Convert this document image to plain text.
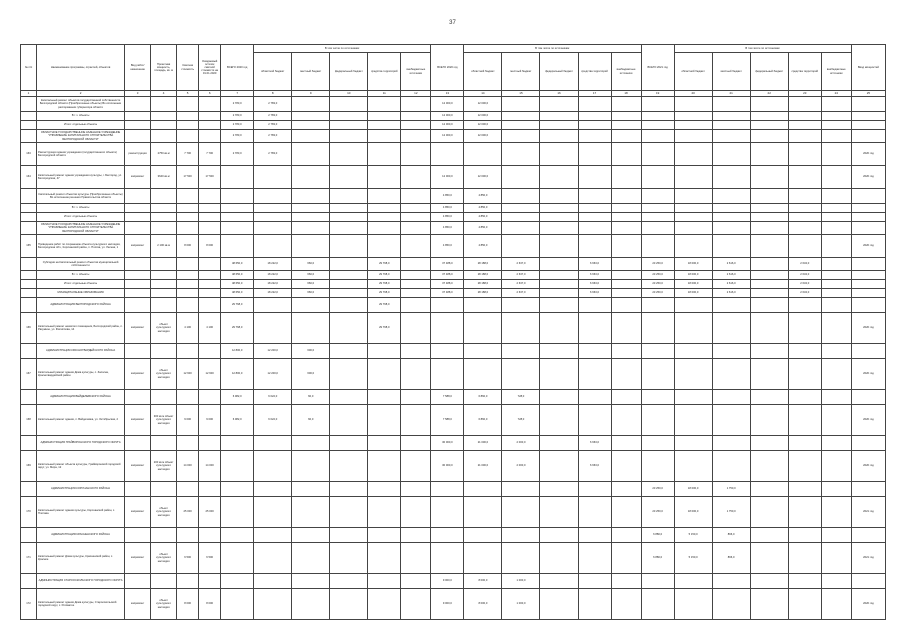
37
№ п/п	Наименование программы, отраслей, объектов	Вид работ/назначение	Проектная мощность, площадь, кв. м	Сметная стоимость	Ожидаемый остаток сметной стоимости на 01.01.2020	ВСЕГО 2020 год	В том числе по источникам:					ВСЕГО 2020 год	В том числе по источникам:					ВСЕГО 2021 год	В том числе по источникам:					Ввод мощностей
							областной бюджет	местный бюджет	федеральный бюджет	средства территорий	внебюджетные источники		областной бюджет	местный бюджет	федеральный бюджет	средства территорий	внебюджетные источники		областной бюджет	местный бюджет	федеральный бюджет	средства территорий	внебюджетные источники	
1	2	3	4	5	6	7	8	9	10	11	12	13	14	15	16	17	18	19	20	21	22	23	24	25
	Капитальный ремонт объектов государственной собственности Белгородской области (Приобретенные объекты) Во исполнение распоряжения губернатора области					2 783,0	2 783,0					12 000,0	12 000,0											
	В т.ч. объекты					2 783,0	2 783,0					12 000,0	12 000,0											
	Итого: отдельные объекты					2 783,0	2 783,0					12 000,0	12 000,0											
	ОБЛАСТНОЕ ГОСУДАРСТВЕННОЕ КАЗЕННОЕ УЧРЕЖДЕНИЕ "УПРАВЛЕНИЕ КАПИТАЛЬНОГО СТРОИТЕЛЬСТВА БЕЛГОРОДСКОЙ ОБЛАСТИ"					2 783,0	2 783,0					12 000,0	12 000,0											
163	Реконструкция здания учреждения (государственного объекта) Белгородской области	реконструкция	2750 кв.м	7 700	7 700	2 783,0	2 783,0																	2020 год
164	Капитальный ремонт здания учреждения культуры, г. Белгород, ул. Белгородская, 47	капремонт	3640 кв.м	17 500	17 500							12 000,0	12 000,0											2020 год
	Капитальный ремонт объектов культуры (Приобретенные объекты) Во исполнение решения Правительства области											4 850,0	4 850,0											
	В т.ч. объекты											4 850,0	4 850,0											
	Итого: отдельные объекты											4 850,0	4 850,0											
	ОБЛАСТНОЕ ГОСУДАРСТВЕННОЕ КАЗЕННОЕ УЧРЕЖДЕНИЕ "УПРАВЛЕНИЕ КАПИТАЛЬНОГО СТРОИТЕЛЬСТВА БЕЛГОРОДСКОЙ ОБЛАСТИ"											4 850,0	4 850,0											
165	Проведение работ по сохранению объекта культурного наследия, Белгородская обл., Корочанский район, п. Плотва, ул. Лесная, 1	капремонт	2 100 кв.м	8 000	8 000							4 850,0	4 850,0											2020 год
	Субсидии на Капитальный ремонт объектов муниципальной собственности					48 650,0	18 222,0	660,0		29 768,0		37 488,0	28 188,0	2 637,0		6 663,0		23 250,0	18 000,0	2 616,0		2 634,0		
	В т.ч. объекты					48 650,0	18 222,0	660,0		29 768,0		37 488,0	28 188,0	2 637,0		6 663,0		23 250,0	18 000,0	2 616,0		2 634,0		
	Итого: отдельные объекты					48 650,0	18 222,0	660,0		29 768,0		37 488,0	28 188,0	2 637,0		6 663,0		23 250,0	18 000,0	2 616,0		2 634,0		
	МУНИЦИПАЛЬНЫЕ ОБРАЗОВАНИЯ					48 650,0	18 222,0	660,0		29 768,0		37 488,0	28 188,0	2 637,0		6 663,0		23 250,0	18 000,0	2 616,0		2 634,0		
	АДМИНИСТРАЦИЯ БЕЛГОРОДСКОГО РАЙОНА					29 768,0				29 768,0														
166	Капитальный ремонт нежилого помещения, Белгородский район, п. Разумное, ул. Филиппова, 14	капремонт	объект культурного наследия	4 100	4 100	29 768,0				29 768,0														2020 год
	АДМИНИСТРАЦИЯ КРАСНОГВАРДЕЙСКОГО РАЙОНА					12 800,0	12 200,0	600,0																
167	Капитальный ремонт здания Дома культуры, с. Засосна, Красногвардейский район	капремонт	объект культурного наследия	12 600	12 600	12 800,0	12 200,0	600,0																2020 год
	АДМИНИСТРАЦИЯ ВЕЙДЕЛЕВСКОГО РАЙОНА					6 082,0	6 022,0	60,0				7 588,0	6 860,0	728,0										
168	Капитальный ремонт здания, п. Вейделевка, ул. Октябрьская, 2	капремонт	300 кв.м объект культурного наследия	9 000	9 000	6 082,0	6 022,0	60,0				7 588,0	6 860,0	728,0										2020 год
	АДМИНИСТРАЦИЯ ГРАЙВОРОНСКОГО ГОРОДСКОГО ОКРУГА											30 000,0	21 000,0	2 000,0		6 663,0								
169	Капитальный ремонт объекта культуры, Грайворонский городской округ, ул. Мира, 12	капремонт	200 кв.м объект культурного наследия	14 000	14 000							30 000,0	21 000,0	2 000,0		6 663,0								2020 год
	АДМИНИСТРАЦИЯ КОРОЧАНСКОГО РАЙОНА																	23 250,0	18 000,0	1 750,0				
170	Капитальный ремонт здания культуры, Корочанский район, с. Плотава	капремонт	объект культурного наследия	25 000	25 000													23 250,0	18 000,0	1 750,0				2021 год
	АДМИНИСТРАЦИЯ КРАСНЕНСКОГО РАЙОНА																	6 880,0	5 150,0	866,0				
171	Капитальный ремонт Дома культуры, Красненский район, с. Красное	капремонт	объект культурного наследия	6 500	6 500													6 880,0	5 150,0	866,0				2021 год
	АДМИНИСТРАЦИЯ СТАРООСКОЛЬСКОГО ГОРОДСКОГО ОКРУГА											9 000,0	8 000,0	1 000,0										
172	Капитальный ремонт здания Дома культуры, Старооскольский городской округ, с. Роговатое	капремонт	объект культурного наследия	8 000	8 000							9 000,0	8 000,0	1 000,0										2020 год
